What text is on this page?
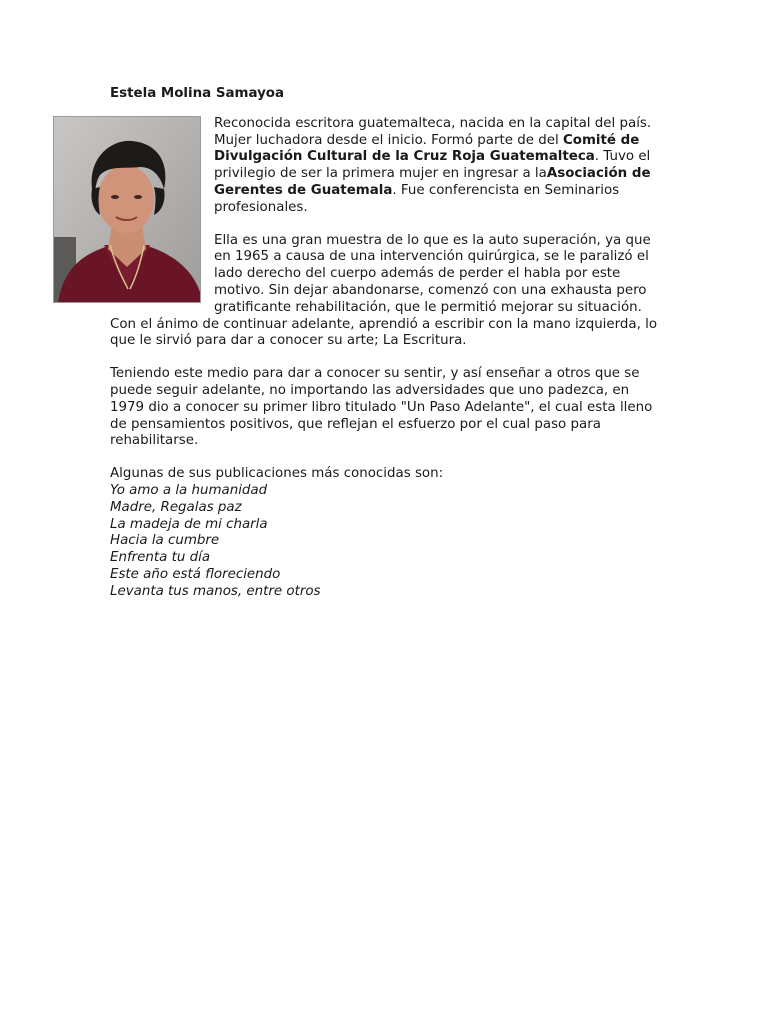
Estela Molina Samayoa

Reconocida escritora guatemalteca, nacida en la capital del país.
Mujer luchadora desde el inicio. Formó parte de del Comité de Divulgación Cultural de la Cruz Roja Guatemalteca. Tuvo el privilegio de ser la primera mujer en ingresar a laAsociación de Gerentes de Guatemala. Fue conferencista en Seminarios profesionales.

Ella es una gran muestra de lo que es la auto superación, ya que en 1965 a causa de una intervención quirúrgica, se le paralizó el lado derecho del cuerpo además de perder el habla por este motivo. Sin dejar abandonarse, comenzó con una exhausta pero gratificante rehabilitación, que le permitió mejorar su situación. Con el ánimo de continuar adelante, aprendió a escribir con la mano izquierda, lo que le sirvió para dar a conocer su arte; La Escritura.

Teniendo este medio para dar a conocer su sentir, y así enseñar a otros que se puede seguir adelante, no importando las adversidades que uno padezca, en 1979 dio a conocer su primer libro titulado "Un Paso Adelante", el cual esta lleno de pensamientos positivos, que reflejan el esfuerzo por el cual paso para rehabilitarse.

Algunas de sus publicaciones más conocidas son:
Yo amo a la humanidad
Madre, Regalas paz
La madeja de mi charla
Hacia la cumbre
Enfrenta tu día
Este año está floreciendo
Levanta tus manos, entre otros
